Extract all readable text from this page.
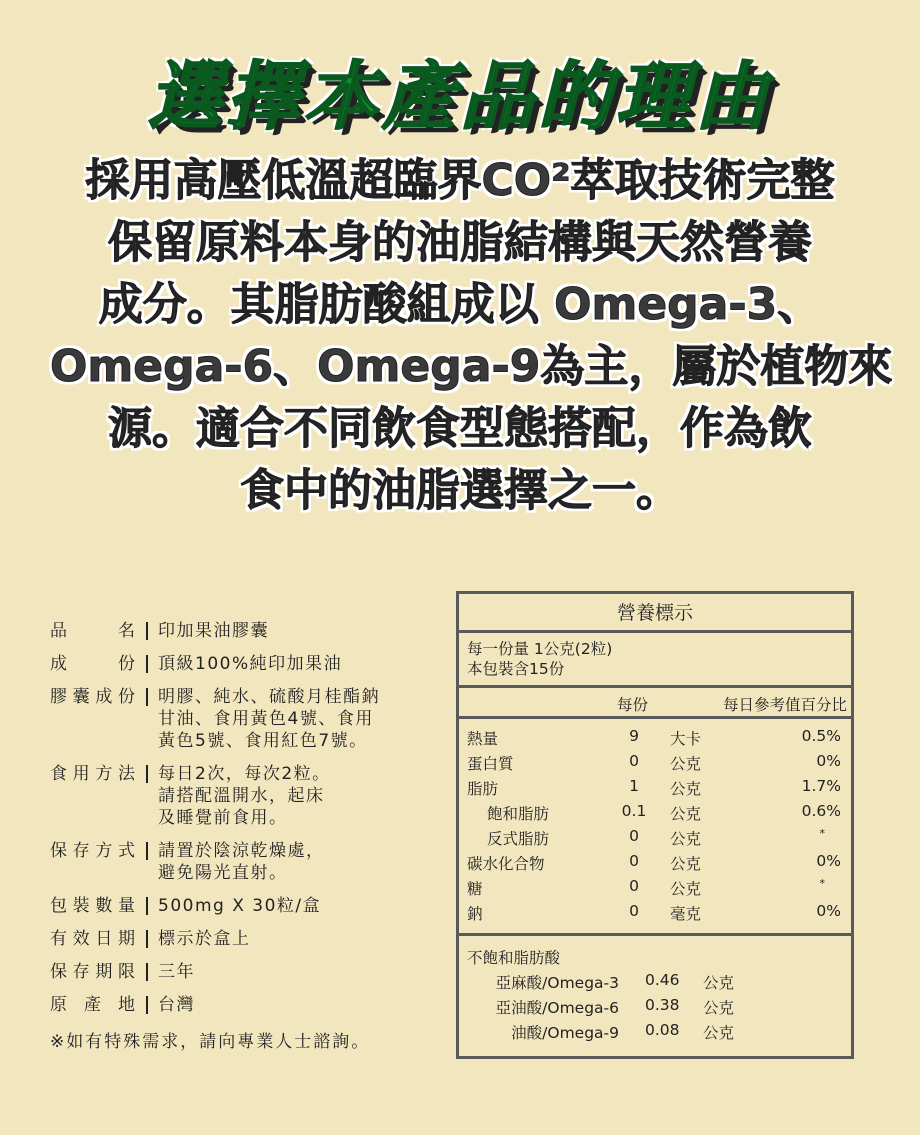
選擇本產品的理由
採用高壓低溫超臨界CO²萃取技術完整
保留原料本身的油脂結構與天然營養
成分。其脂肪酸組成以 Omega-3、
Omega-6、Omega-9為主，屬於植物來
源。適合不同飲食型態搭配，作為飲
食中的油脂選擇之一。
品名	印加果油膠囊
成份	頂級100%純印加果油
膠囊成份	明膠、純水、硫酸月桂酯鈉
甘油、食用黃色4號、食用
黃色5號、食用紅色7號。
食用方法	每日2次，每次2粒。
請搭配溫開水，起床
及睡覺前食用。
保存方式	請置於陰涼乾燥處，
避免陽光直射。
包裝數量	500mg X 30粒/盒
有效日期	標示於盒上
保存期限	三年
原產地	台灣
※如有特殊需求，請向專業人士諮詢。
營養標示
每一份量 1公克(2粒)
本包裝含15份
每份	每日參考值百分比
熱量	9	大卡	0.5%
蛋白質	0	公克	0%
脂肪	1	公克	1.7%
飽和脂肪	0.1 公克	0.6%
反式脂肪	0	公克	*
碳水化合物	0	公克	0%
糖	0	公克	*
鈉	0	毫克	0%
不飽和脂肪酸
亞麻酸/Omega-3 0.46 公克
亞油酸/Omega-6 0.38 公克
油酸/Omega-9 0.08 公克
